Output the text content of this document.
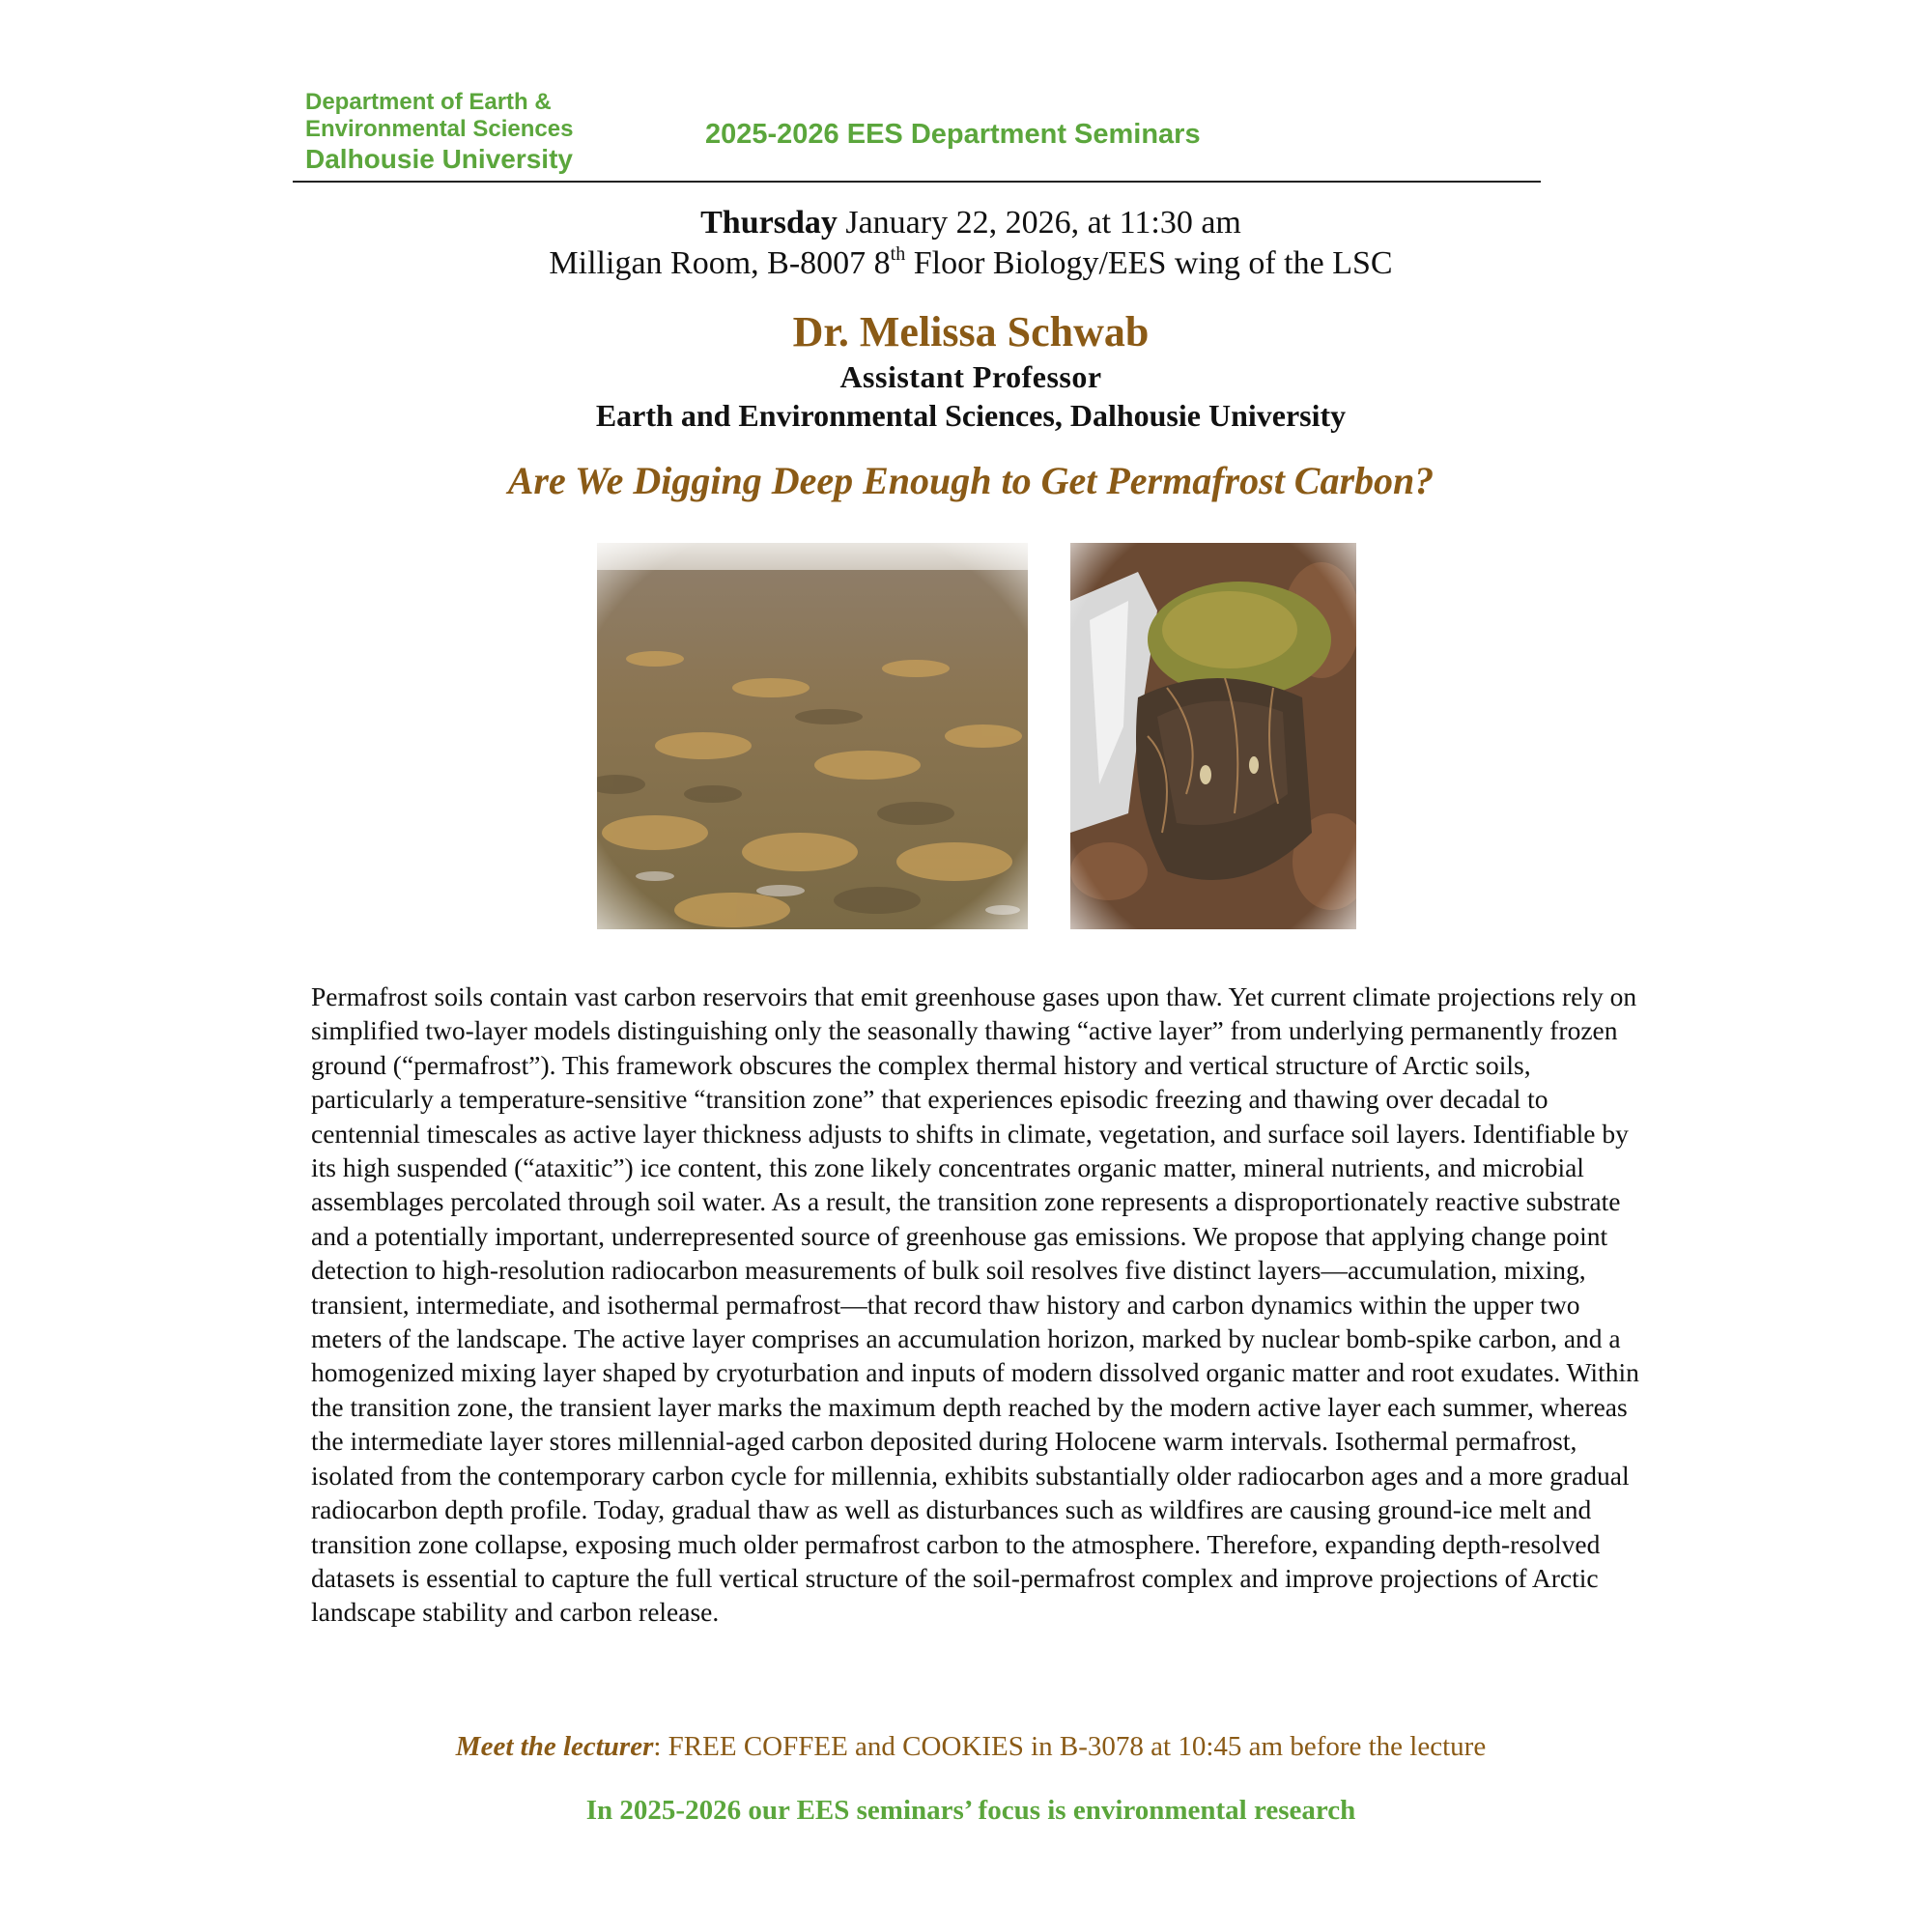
Department of Earth &
Environmental Sciences
Dalhousie University
2025-2026 EES Department Seminars
Thursday January 22, 2026, at 11:30 am
Milligan Room, B-8007 8th Floor Biology/EES wing of the LSC
Dr. Melissa Schwab
Assistant Professor
Earth and Environmental Sciences, Dalhousie University
Are We Digging Deep Enough to Get Permafrost Carbon?

Permafrost soils contain vast carbon reservoirs that emit greenhouse gases upon thaw. Yet current climate projections rely on simplified two-layer models distinguishing only the seasonally thawing “active layer” from underlying permanently frozen ground (“permafrost”). This framework obscures the complex thermal history and vertical structure of Arctic soils, particularly a temperature-sensitive “transition zone” that experiences episodic freezing and thawing over decadal to centennial timescales as active layer thickness adjusts to shifts in climate, vegetation, and surface soil layers. Identifiable by its high suspended (“ataxitic”) ice content, this zone likely concentrates organic matter, mineral nutrients, and microbial assemblages percolated through soil water. As a result, the transition zone represents a disproportionately reactive substrate and a potentially important, underrepresented source of greenhouse gas emissions. We propose that applying change point detection to high-resolution radiocarbon measurements of bulk soil resolves five distinct layers—accumulation, mixing, transient, intermediate, and isothermal permafrost—that record thaw history and carbon dynamics within the upper two meters of the landscape. The active layer comprises an accumulation horizon, marked by nuclear bomb-spike carbon, and a homogenized mixing layer shaped by cryoturbation and inputs of modern dissolved organic matter and root exudates. Within the transition zone, the transient layer marks the maximum depth reached by the modern active layer each summer, whereas the intermediate layer stores millennial-aged carbon deposited during Holocene warm intervals. Isothermal permafrost, isolated from the contemporary carbon cycle for millennia, exhibits substantially older radiocarbon ages and a more gradual radiocarbon depth profile. Today, gradual thaw as well as disturbances such as wildfires are causing ground-ice melt and transition zone collapse, exposing much older permafrost carbon to the atmosphere. Therefore, expanding depth-resolved datasets is essential to capture the full vertical structure of the soil-permafrost complex and improve projections of Arctic landscape stability and carbon release.

Meet the lecturer: FREE COFFEE and COOKIES in B-3078 at 10:45 am before the lecture
In 2025-2026 our EES seminars’ focus is environmental research
